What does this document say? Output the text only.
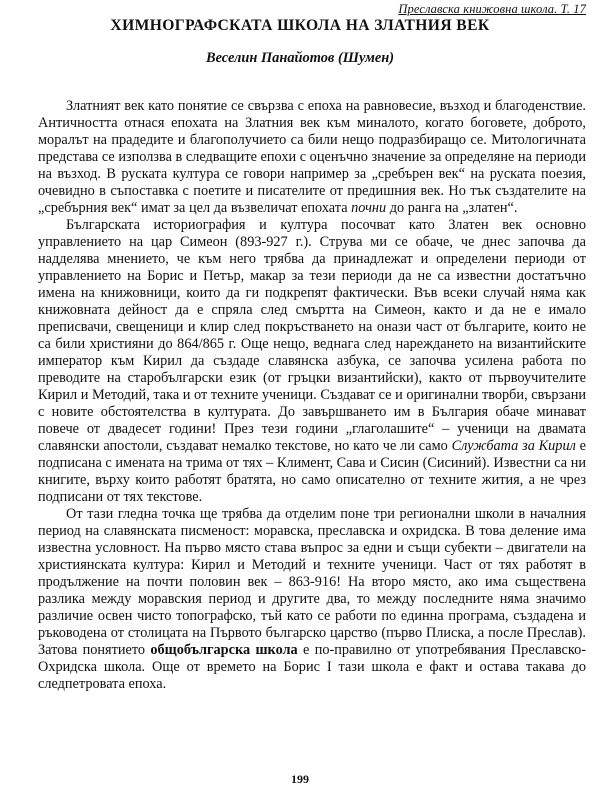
Преславска книжовна школа. Т. 17
ХИМНОГРАФСКАТА ШКОЛА НА ЗЛАТНИЯ ВЕК
Веселин Панайотов (Шумен)

Златният век като понятие се свързва с епоха на равновесие, възход и благоденствие. Античността отнася епохата на Златния век към миналото, когато боговете, доброто, моралът на прадедите и благополучието са били нещо подразбиращо се. Митологичната представа се използва в следващите епохи с оценъчно значение за определяне на периоди на възход. В руската култура се говори например за „сребърен век“ на руската поезия, очевидно в съпоставка с поетите и писателите от предишния век. Но тък създателите на „сребърния век“ имат за цел да възвеличат епохата почни до ранга на „златен“.

Българската историография и култура посочват като Златен век основно управлението на цар Симеон (893-927 г.). Струва ми се обаче, че днес започва да надделява мнението, че към него трябва да принадлежат и определени периоди от управлението на Борис и Петър, макар за тези периоди да не са известни достатъчно имена на книжовници, които да ги подкрепят фактически. Във всеки случай няма как книжовната дейност да е спряла след смъртта на Симеон, както и да не е имало преписвачи, свещеници и клир след покръстването на онази част от българите, които не са били християни до 864/865 г. Още нещо, веднага след нареждането на византийските император към Кирил да създаде славянска азбука, се започва усилена работа по преводите на старобългарски език (от гръцки византийски), както от първоучителите Кирил и Методий, така и от техните ученици. Създават се и оригинални творби, свързани с новите обстоятелства в културата. До завършването им в България обаче минават повече от двадесет години! През тези години „глаголашите“ – ученици на двамата славянски апостоли, създават немалко текстове, но като че ли само Службата за Кирил е подписана с имената на трима от тях – Климент, Сава и Сисин (Сисиний). Известни са ни книгите, върху които работят братята, но само описателно от техните жития, а не чрез подписани от тях текстове.

От тази гледна точка ще трябва да отделим поне три регионални школи в началния период на славянската писменост: моравска, преславска и охридска. В това деление има известна условност. На първо място става въпрос за едни и същи субекти – двигатели на християнската култура: Кирил и Методий и техните ученици. Част от тях работят в продължение на почти половин век – 863-916! На второ място, ако има съществена разлика между моравския период и другите два, то между последните няма значимо различие освен чисто топографско, тъй като се работи по единна програма, създадена и ръководена от столицата на Първото българско царство (първо Плиска, а после Преслав). Затова понятието общобългарска школа е по-правилно от употребявания Преславско-Охридска школа. Още от времето на Борис I тази школа е факт и остава такава до следпетровата епоха.

199
